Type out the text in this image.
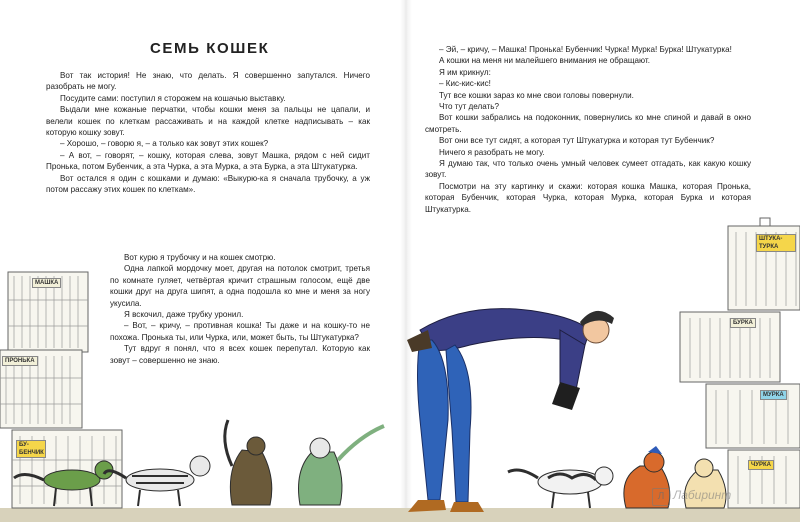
СЕМЬ КОШЕК

Вот так история! Не знаю, что делать. Я совершенно запутался. Ничего разобрать не могу.

Посудите сами: поступил я сторожем на кошачью выставку.

Выдали мне кожаные перчатки, чтобы кошки меня за пальцы не цапали, и велели кошек по клеткам рассаживать и на каждой клетке надписывать – как которую кошку зовут.

– Хорошо, – говорю я, – а только как зовут этих кошек?

– А вот, – говорят, – кошку, которая слева, зовут Машка, рядом с ней сидит Пронька, потом Бубенчик, а эта Чурка, а эта Мурка, а эта Бурка, а эта Штукатурка.

Вот остался я один с кошками и думаю: «Выкурю-ка я сначала трубочку, а уж потом рассажу этих кошек по клеткам».

Вот курю я трубочку и на кошек смотрю.

Одна лапкой мордочку моет, другая на потолок смотрит, третья по комнате гуляет, четвёртая кричит страшным голосом, ещё две кошки друг на друга шипят, а одна подошла ко мне и меня за ногу укусила.

Я вскочил, даже трубку уронил.

– Вот, – кричу, – противная кошка! Ты даже и на кошку-то не похожа. Пронька ты, или Чурка, или, может быть, ты Штукатурка?

Тут вдруг я понял, что я всех кошек перепутал. Которую как зовут – совершенно не знаю.

– Эй, – кричу, – Машка! Пронька! Бубенчик! Чурка! Мурка! Бурка! Штукатурка!

А кошки на меня ни малейшего внимания не обращают.

Я им крикнул:

– Кис-кис-кис!

Тут все кошки зараз ко мне свои головы повернули.

Что тут делать?

Вот кошки забрались на подоконник, повернулись ко мне спиной и давай в окно смотреть.

Вот они все тут сидят, а которая тут Штукатурка и которая тут Бубенчик?

Ничего я разобрать не могу.

Я думаю так, что только очень умный человек сумеет отгадать, как какую кошку зовут.

Посмотри на эту картинку и скажи: которая кошка Машка, которая Пронька, которая Бубенчик, которая Чурка, которая Мурка, которая Бурка и которая Штукатурка.

МАШКА
ПРОНЬКА
БУ-БЕНЧИК
ШТУКА-ТУРКА
БУРКА
МУРКА
ЧУРКА
Л Лабиринт
